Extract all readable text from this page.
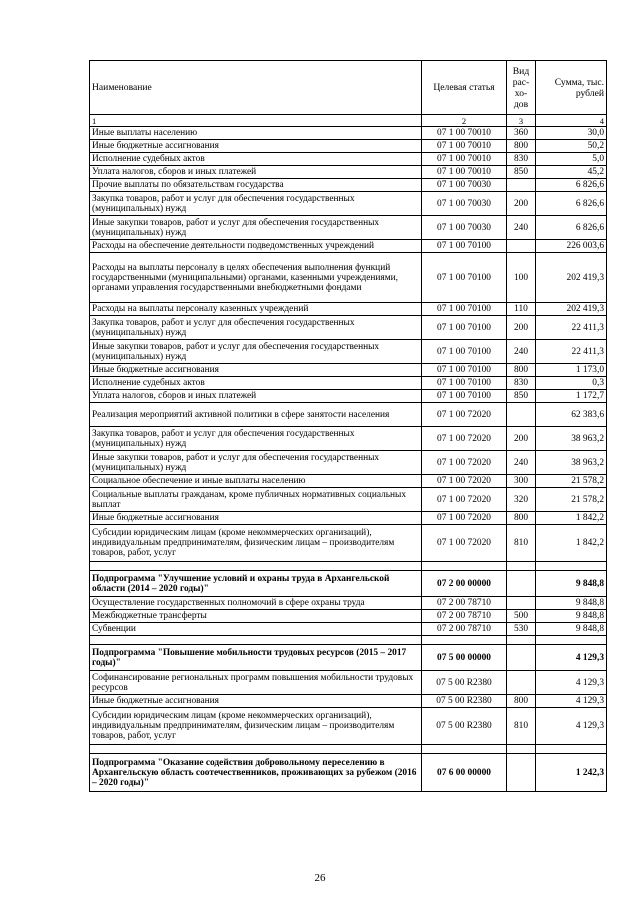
Наименование	Целевая статья	Вид рас-хо-дов	Сумма, тыс. рублей
1	2	3	4
Иные выплаты населению	07 1 00 70010	360	30,0
Иные бюджетные ассигнования	07 1 00 70010	800	50,2
Исполнение судебных актов	07 1 00 70010	830	5,0
Уплата налогов, сборов и иных платежей	07 1 00 70010	850	45,2
Прочие выплаты по обязательствам государства	07 1 00 70030		6 826,6
Закупка товаров, работ и услуг для обеспечения государственных (муниципальных) нужд	07 1 00 70030	200	6 826,6
Иные закупки товаров, работ и услуг для обеспечения государственных (муниципальных) нужд	07 1 00 70030	240	6 826,6
Расходы на обеспечение деятельности подведомственных учреждений	07 1 00 70100		226 003,6
Расходы на выплаты персоналу в целях обеспечения выполнения функций государственными (муниципальными) органами, казенными учреждениями, органами управления государственными внебюджетными фондами	07 1 00 70100	100	202 419,3
Расходы на выплаты персоналу казенных учреждений	07 1 00 70100	110	202 419,3
Закупка товаров, работ и услуг для обеспечения государственных (муниципальных) нужд	07 1 00 70100	200	22 411,3
Иные закупки товаров, работ и услуг для обеспечения государственных (муниципальных) нужд	07 1 00 70100	240	22 411,3
Иные бюджетные ассигнования	07 1 00 70100	800	1 173,0
Исполнение судебных актов	07 1 00 70100	830	0,3
Уплата налогов, сборов и иных платежей	07 1 00 70100	850	1 172,7
Реализация мероприятий активной политики в сфере занятости населения	07 1 00 72020		62 383,6
Закупка товаров, работ и услуг для обеспечения государственных (муниципальных) нужд	07 1 00 72020	200	38 963,2
Иные закупки товаров, работ и услуг для обеспечения государственных (муниципальных) нужд	07 1 00 72020	240	38 963,2
Социальное обеспечение и иные выплаты населению	07 1 00 72020	300	21 578,2
Социальные выплаты гражданам, кроме публичных нормативных социальных выплат	07 1 00 72020	320	21 578,2
Иные бюджетные ассигнования	07 1 00 72020	800	1 842,2
Субсидии юридическим лицам (кроме некоммерческих организаций), индивидуальным предпринимателям, физическим лицам – производителям товаров, работ, услуг	07 1 00 72020	810	1 842,2

Подпрограмма "Улучшение условий и охраны труда в Архангельской области (2014 – 2020 годы)"	07 2 00 00000		9 848,8
Осуществление государственных полномочий в сфере охраны труда	07 2 00 78710		9 848,8
Межбюджетные трансферты	07 2 00 78710	500	9 848,8
Субвенции	07 2 00 78710	530	9 848,8

Подпрограмма "Повышение мобильности трудовых ресурсов (2015 – 2017 годы)"	07 5 00 00000		4 129,3
Софинансирование региональных программ повышения мобильности трудовых ресурсов	07 5 00 R2380		4 129,3
Иные бюджетные ассигнования	07 5 00 R2380	800	4 129,3
Субсидии юридическим лицам (кроме некоммерческих организаций), индивидуальным предпринимателям, физическим лицам – производителям товаров, работ, услуг	07 5 00 R2380	810	4 129,3

Подпрограмма "Оказание содействия добровольному переселению в Архангельскую область соотечественников, проживающих за рубежом (2016 – 2020 годы)"	07 6 00 00000		1 242,3
26
